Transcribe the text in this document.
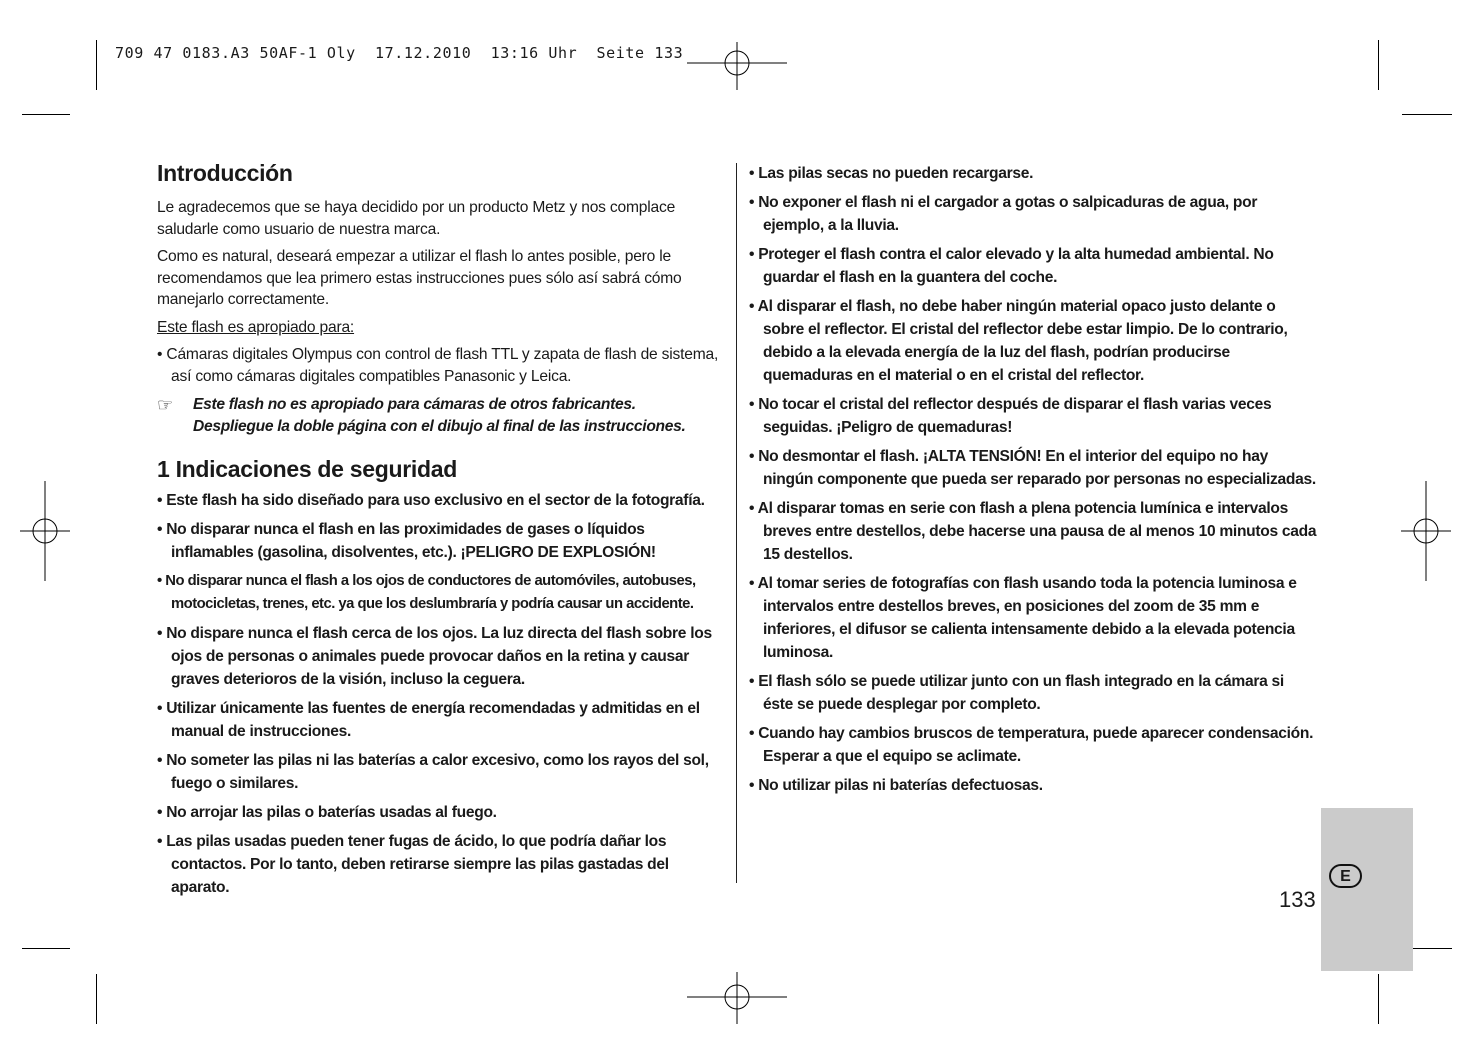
709 47 0183.A3 50AF-1 Oly  17.12.2010  13:16 Uhr  Seite 133
Introducción

Le agradecemos que se haya decidido por un producto Metz y nos complace saludarle como usuario de nuestra marca.

Como es natural, deseará empezar a utilizar el flash lo antes posible, pero le recomendamos que lea primero estas instrucciones pues sólo así sabrá cómo manejarlo correctamente.

Este flash es apropiado para:

• Cámaras digitales Olympus con control de flash TTL y zapata de flash de sistema, así como cámaras digitales compatibles Panasonic y Leica.
☞ Este flash no es apropiado para cámaras de otros fabricantes.
Despliegue la doble página con el dibujo al final de las instrucciones.
1 Indicaciones de seguridad
• Este flash ha sido diseñado para uso exclusivo en el sector de la fotografía.
• No disparar nunca el flash en las proximidades de gases o líquidos inflamables (gasolina, disolventes, etc.). ¡PELIGRO DE EXPLOSIÓN!
• No disparar nunca el flash a los ojos de conductores de automóviles, autobuses, motocicletas, trenes, etc. ya que los deslumbraría y podría causar un accidente.
• No dispare nunca el flash cerca de los ojos. La luz directa del flash sobre los ojos de personas o animales puede provocar daños en la retina y causar graves deterioros de la visión, incluso la ceguera.
• Utilizar únicamente las fuentes de energía recomendadas y admitidas en el manual de instrucciones.
• No someter las pilas ni las baterías a calor excesivo, como los rayos del sol, fuego o similares.
• No arrojar las pilas o baterías usadas al fuego.
• Las pilas usadas pueden tener fugas de ácido, lo que podría dañar los contactos. Por lo tanto, deben retirarse siempre las pilas gastadas del aparato.
• Las pilas secas no pueden recargarse.
• No exponer el flash ni el cargador a gotas o salpicaduras de agua, por ejemplo, a la lluvia.
• Proteger el flash contra el calor elevado y la alta humedad ambiental. No guardar el flash en la guantera del coche.
• Al disparar el flash, no debe haber ningún material opaco justo delante o sobre el reflector. El cristal del reflector debe estar limpio. De lo contrario, debido a la elevada energía de la luz del flash, podrían producirse quemaduras en el material o en el cristal del reflector.
• No tocar el cristal del reflector después de disparar el flash varias veces seguidas. ¡Peligro de quemaduras!
• No desmontar el flash. ¡ALTA TENSIÓN! En el interior del equipo no hay ningún componente que pueda ser reparado por personas no especializadas.
• Al disparar tomas en serie con flash a plena potencia lumínica e intervalos breves entre destellos, debe hacerse una pausa de al menos 10 minutos cada 15 destellos.
• Al tomar series de fotografías con flash usando toda la potencia luminosa e intervalos entre destellos breves, en posiciones del zoom de 35 mm e inferiores, el difusor se calienta intensamente debido a la elevada potencia luminosa.
• El flash sólo se puede utilizar junto con un flash integrado en la cámara si éste se puede desplegar por completo.
• Cuando hay cambios bruscos de temperatura, puede aparecer condensación. Esperar a que el equipo se aclimate.
• No utilizar pilas ni baterías defectuosas.
E
133
